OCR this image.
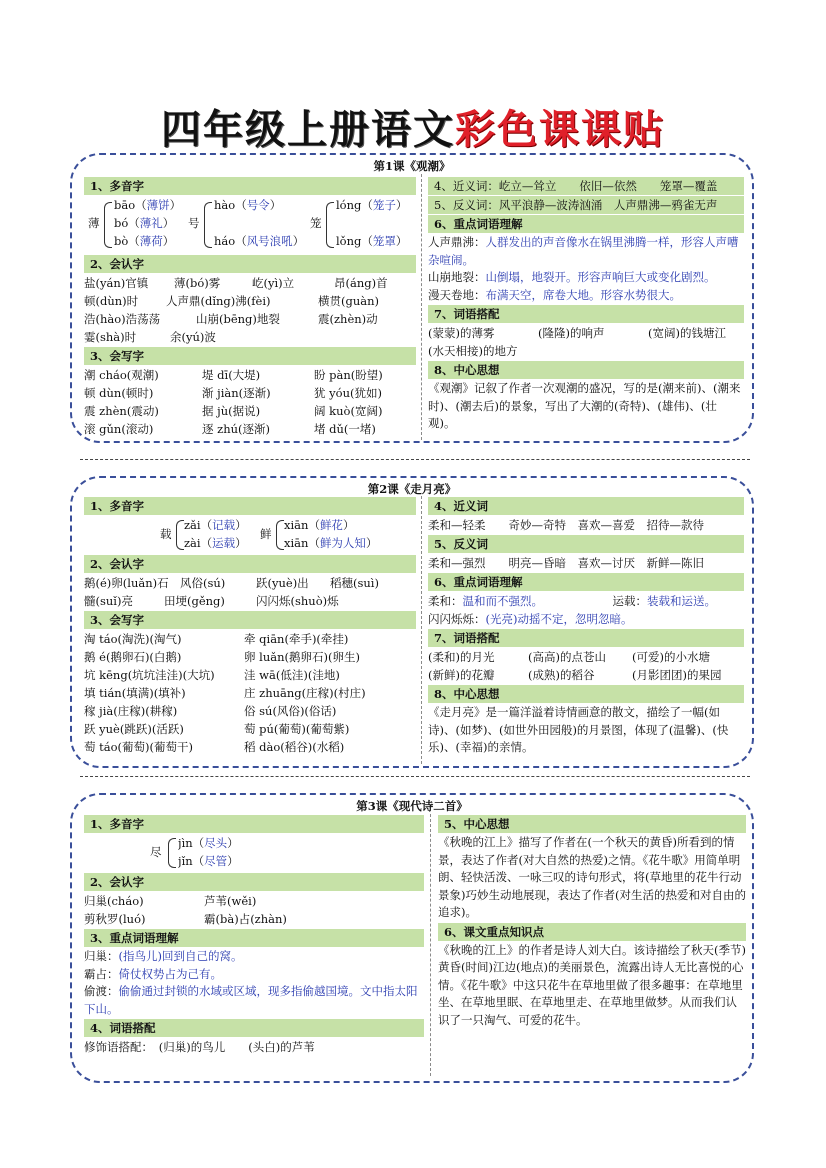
四年级上册语文彩色课课贴
第1课《观潮》
1、多音字
薄
bāo（薄饼）
bó（薄礼）
bò（薄荷）
号
hào（号令）
háo（风号浪吼）
笼
lóng（笼子）
lǒng（笼罩）
2、会认字
盐(yán)官镇 薄(bó)雾	屹(yì)立	昂(áng)首
顿(dùn)时 人声鼎(dǐng)沸(fèi)	横贯(guàn)
浩(hào)浩荡荡	山崩(bēng)地裂	震(zhèn)动
霎(shà)时	余(yú)波
3、会写字
潮 cháo(观潮)	堤 dī(大堤)	盼 pàn(盼望)
顿 dùn(顿时)	渐 jiàn(逐渐)	犹 yóu(犹如)
震 zhèn(震动)	据 jù(据说)	阔 kuò(宽阔)
滚 gǔn(滚动)	逐 zhú(逐渐)	堵 dǔ(一堵)
4、近义词：屹立—耸立　　依旧—依然　　笼罩—覆盖
5、反义词：风平浪静—波涛汹涌　人声鼎沸—鸦雀无声
6、重点词语理解
人声鼎沸：人群发出的声音像水在锅里沸腾一样，形容人声嘈杂喧闹。
山崩地裂：山倒塌，地裂开。形容声响巨大或变化剧烈。
漫天卷地：布满天空，席卷大地。形容水势很大。
7、词语搭配
(蒙蒙)的薄雾	(隆隆)的响声	(宽阔)的钱塘江
(水天相接)的地方
8、中心思想
《观潮》记叙了作者一次观潮的盛况，写的是(潮来前)、(潮来时)、(潮去后)的景象，写出了大潮的(奇特)、(雄伟)、(壮观)。
第2课《走月亮》
1、多音字
载
zǎi（记载）
zài（运载）
鲜
xiān（鲜花）
xiān（鲜为人知）
2、会认字
鹅(é)卵(luǎn)石 风俗(sú)	跃(yuè)出 稻穗(suì)
髓(suǐ)亮	田埂(gěng)	闪闪烁(shuò)烁
3、会写字
淘 táo(淘洗)(淘气)	牵 qiān(牵手)(牵挂)
鹅 é(鹅卵石)(白鹅)	卵 luǎn(鹅卵石)(卵生)
坑 kēng(坑坑洼洼)(大坑)	洼 wā(低洼)(洼地)
填 tián(填满)(填补)	庄 zhuāng(庄稼)(村庄)
稼 jià(庄稼)(耕稼)	俗 sú(风俗)(俗话)
跃 yuè(跳跃)(活跃)	萄 pú(葡萄)(葡萄紫)
萄 táo(葡萄)(葡萄干)	稻 dào(稻谷)(水稻)
4、近义词
柔和—轻柔　　奇妙—奇特　喜欢—喜爱　招待—款待
5、反义词
柔和—强烈　　明亮—昏暗　喜欢—讨厌　新鲜—陈旧
6、重点词语理解
柔和：温和而不强烈。	运载：装载和运送。
闪闪烁烁：(光亮)动摇不定，忽明忽暗。
7、词语搭配
(柔和)的月光	(高高)的点苍山 (可爱)的小水塘
(新鲜)的花瓣	(成熟)的稻谷	(月影团团)的果园
8、中心思想
《走月亮》是一篇洋溢着诗情画意的散文，描绘了一幅(如诗)、(如梦)、(如世外田园般)的月景图，体现了(温馨)、(快乐)、(幸福)的亲情。
第3课《现代诗二首》
1、多音字
尽
jìn（尽头）
jǐn（尽管）
2、会认字
归巢(cháo)	芦苇(wěi)
剪秋罗(luó)	霸(bà)占(zhàn)
3、重点词语理解
归巢：(指鸟儿)回到自己的窝。
霸占：倚仗权势占为己有。
偷渡：偷偷通过封锁的水域或区域，现多指偷越国境。文中指太阳下山。
4、词语搭配
修饰语搭配：　(归巢)的鸟儿　　(头白)的芦苇
5、中心思想
《秋晚的江上》描写了作者在(一个秋天的黄昏)所看到的情景，表达了作者(对大自然的热爱)之情。《花牛歌》用简单明朗、轻快活泼、一咏三叹的诗句形式，将(草地里的花牛行动景象)巧妙生动地展现，表达了作者(对生活的热爱和对自由的追求)。
6、课文重点知识点
《秋晚的江上》的作者是诗人刘大白。该诗描绘了秋天(季节)黄昏(时间)江边(地点)的美丽景色，流露出诗人无比喜悦的心情。《花牛歌》中这只花牛在草地里做了很多趣事：在草地里坐、在草地里眠、在草地里走、在草地里做梦。从而我们认识了一只淘气、可爱的花牛。
